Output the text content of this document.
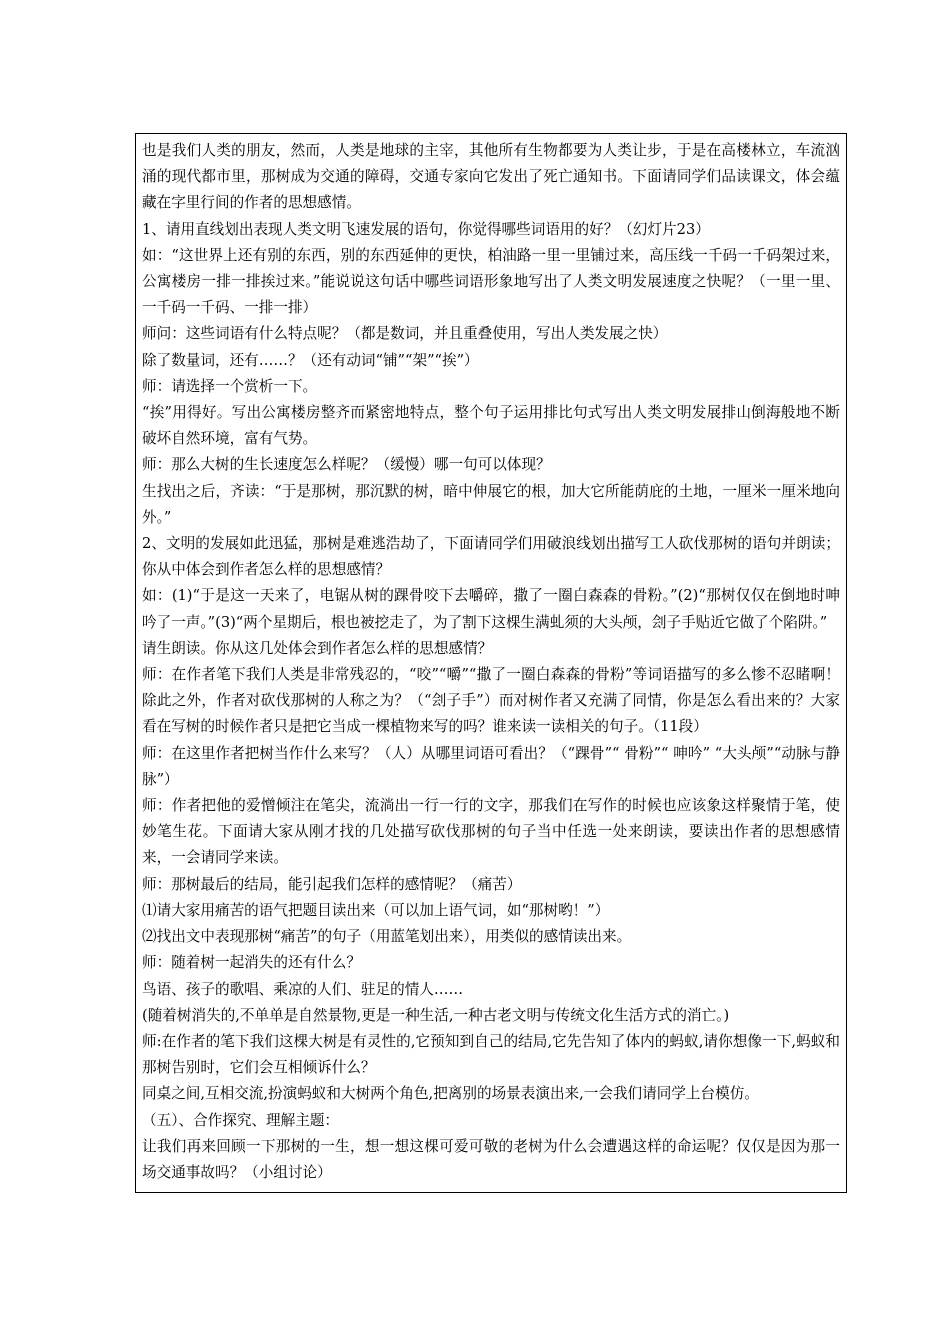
也是我们人类的朋友，然而，人类是地球的主宰，其他所有生物都要为人类让步，于是在高楼林立，车流汹涌的现代都市里，那树成为交通的障碍，交通专家向它发出了死亡通知书。下面请同学们品读课文，体会蕴藏在字里行间的作者的思想感情。

1、请用直线划出表现人类文明飞速发展的语句，你觉得哪些词语用的好？（幻灯片23）

如：“这世界上还有别的东西，别的东西延伸的更快，柏油路一里一里铺过来，高压线一千码一千码架过来，公寓楼房一排一排挨过来。”能说说这句话中哪些词语形象地写出了人类文明发展速度之快呢？（一里一里、一千码一千码、一排一排）

师问：这些词语有什么特点呢？（都是数词，并且重叠使用，写出人类发展之快）

除了数量词，还有……？（还有动词“铺”“架”“挨”）

师：请选择一个赏析一下。

“挨”用得好。写出公寓楼房整齐而紧密地特点，整个句子运用排比句式写出人类文明发展排山倒海般地不断破坏自然环境，富有气势。

师：那么大树的生长速度怎么样呢？（缓慢）哪一句可以体现？

生找出之后，齐读：“于是那树，那沉默的树，暗中伸展它的根，加大它所能荫庇的土地，一厘米一厘米地向外。”

2、文明的发展如此迅猛，那树是难逃浩劫了，下面请同学们用破浪线划出描写工人砍伐那树的语句并朗读；你从中体会到作者怎么样的思想感情？

如：(1)“于是这一天来了，电锯从树的踝骨咬下去嚼碎，撒了一圈白森森的骨粉。”(2)“那树仅仅在倒地时呻吟了一声。”(3)“两个星期后，根也被挖走了，为了割下这棵生满虬须的大头颅，刽子手贴近它做了个陷阱。”

请生朗读。你从这几处体会到作者怎么样的思想感情？

师：在作者笔下我们人类是非常残忍的，“咬”“嚼”“撒了一圈白森森的骨粉”等词语描写的多么惨不忍睹啊！除此之外，作者对砍伐那树的人称之为？（“刽子手”）而对树作者又充满了同情，你是怎么看出来的？大家看在写树的时候作者只是把它当成一棵植物来写的吗？谁来读一读相关的句子。（11段）

师：在这里作者把树当作什么来写？（人）从哪里词语可看出？（“踝骨”“ 骨粉”“ 呻吟” “大头颅”“动脉与静脉”）

师：作者把他的爱憎倾注在笔尖，流淌出一行一行的文字，那我们在写作的时候也应该象这样聚情于笔，使妙笔生花。下面请大家从刚才找的几处描写砍伐那树的句子当中任选一处来朗读，要读出作者的思想感情来，一会请同学来读。

师：那树最后的结局，能引起我们怎样的感情呢？（痛苦）

⑴请大家用痛苦的语气把题目读出来（可以加上语气词，如“那树哟！”）

⑵找出文中表现那树“痛苦”的句子（用蓝笔划出来），用类似的感情读出来。

师：随着树一起消失的还有什么？

鸟语、孩子的歌唱、乘凉的人们、驻足的情人……

(随着树消失的,不单单是自然景物,更是一种生活,一种古老文明与传统文化生活方式的消亡。)

师:在作者的笔下我们这棵大树是有灵性的,它预知到自己的结局,它先告知了体内的蚂蚁,请你想像一下,蚂蚁和那树告别时，它们会互相倾诉什么？

同桌之间,互相交流,扮演蚂蚁和大树两个角色,把离别的场景表演出来,一会我们请同学上台模仿。

（五）、合作探究、理解主题：

让我们再来回顾一下那树的一生，想一想这棵可爱可敬的老树为什么会遭遇这样的命运呢？仅仅是因为那一场交通事故吗？（小组讨论）
